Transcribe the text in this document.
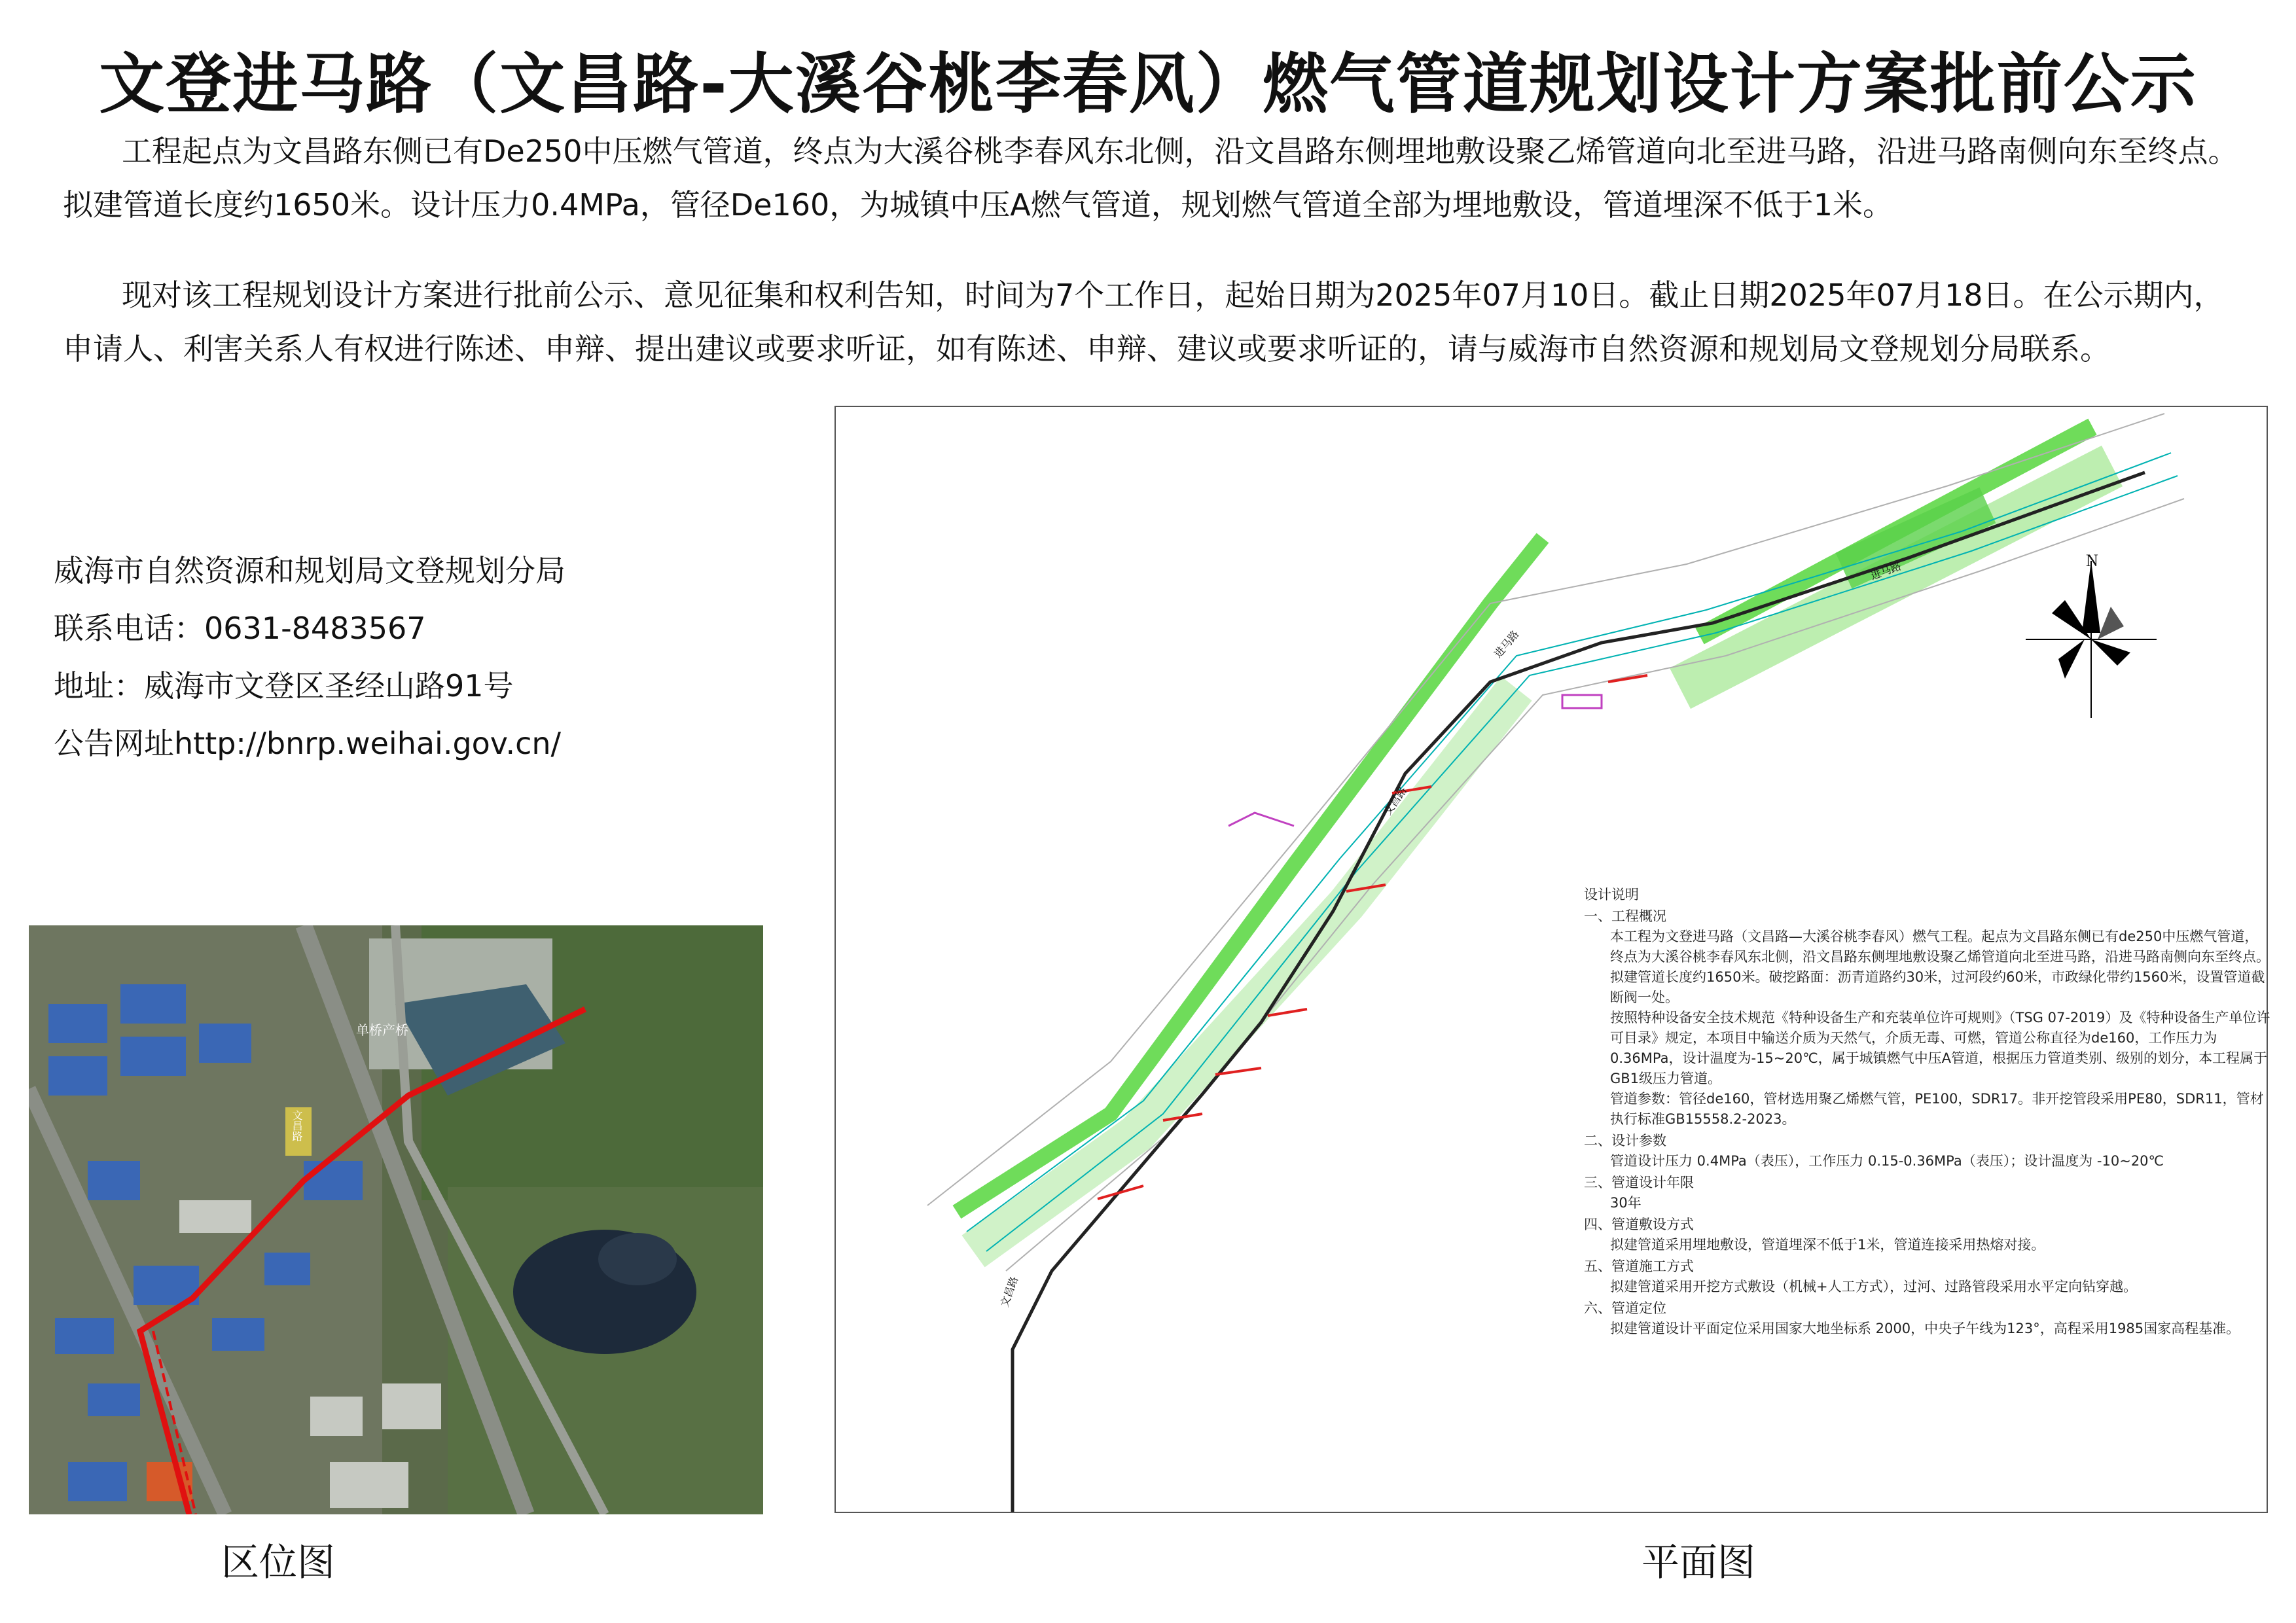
文登进马路（文昌路-大溪谷桃李春风）燃气管道规划设计方案批前公示
工程起点为文昌路东侧已有De250中压燃气管道，终点为大溪谷桃李春风东北侧，沿文昌路东侧埋地敷设聚乙烯管道向北至进马路，沿进马路南侧向东至终点。拟建管道长度约1650米。设计压力0.4MPa，管径De160，为城镇中压A燃气管道，规划燃气管道全部为埋地敷设，管道埋深不低于1米。
现对该工程规划设计方案进行批前公示、意见征集和权利告知，时间为7个工作日，起始日期为2025年07月10日。截止日期2025年07月18日。在公示期内，申请人、利害关系人有权进行陈述、申辩、提出建议或要求听证，如有陈述、申辩、建议或要求听证的，请与威海市自然资源和规划局文登规划分局联系。
威海市自然资源和规划局文登规划分局
联系电话：0631-8483567
地址：威海市文登区圣经山路91号
公告网址http://bnrp.weihai.gov.cn/
单桥产桥
文昌路
区位图
N
进马路
进马路
文昌路
文昌路
设计说明
一、工程概况
本工程为文登进马路（文昌路—大溪谷桃李春风）燃气工程。起点为文昌路东侧已有de250中压燃气管道，终点为大溪谷桃李春风东北侧，沿文昌路东侧埋地敷设聚乙烯管道向北至进马路，沿进马路南侧向东至终点。拟建管道长度约1650米。破挖路面：沥青道路约30米，过河段约60米，市政绿化带约1560米，设置管道截断阀一处。
按照特种设备安全技术规范《特种设备生产和充装单位许可规则》（TSG 07-2019）及《特种设备生产单位许可目录》规定，本项目中输送介质为天然气，介质无毒、可燃，管道公称直径为de160，工作压力为0.36MPa，设计温度为-15~20℃，属于城镇燃气中压A管道，根据压力管道类别、级别的划分，本工程属于GB1级压力管道。
管道参数：管径de160，管材选用聚乙烯燃气管，PE100，SDR17。非开挖管段采用PE80，SDR11，管材执行标准GB15558.2-2023。
二、设计参数
管道设计压力 0.4MPa（表压），工作压力 0.15-0.36MPa（表压）；设计温度为 -10~20℃
三、管道设计年限
30年
四、管道敷设方式
拟建管道采用埋地敷设，管道埋深不低于1米，管道连接采用热熔对接。
五、管道施工方式
拟建管道采用开挖方式敷设（机械+人工方式），过河、过路管段采用水平定向钻穿越。
六、管道定位
拟建管道设计平面定位采用国家大地坐标系 2000，中央子午线为123°，高程采用1985国家高程基准。
平面图
